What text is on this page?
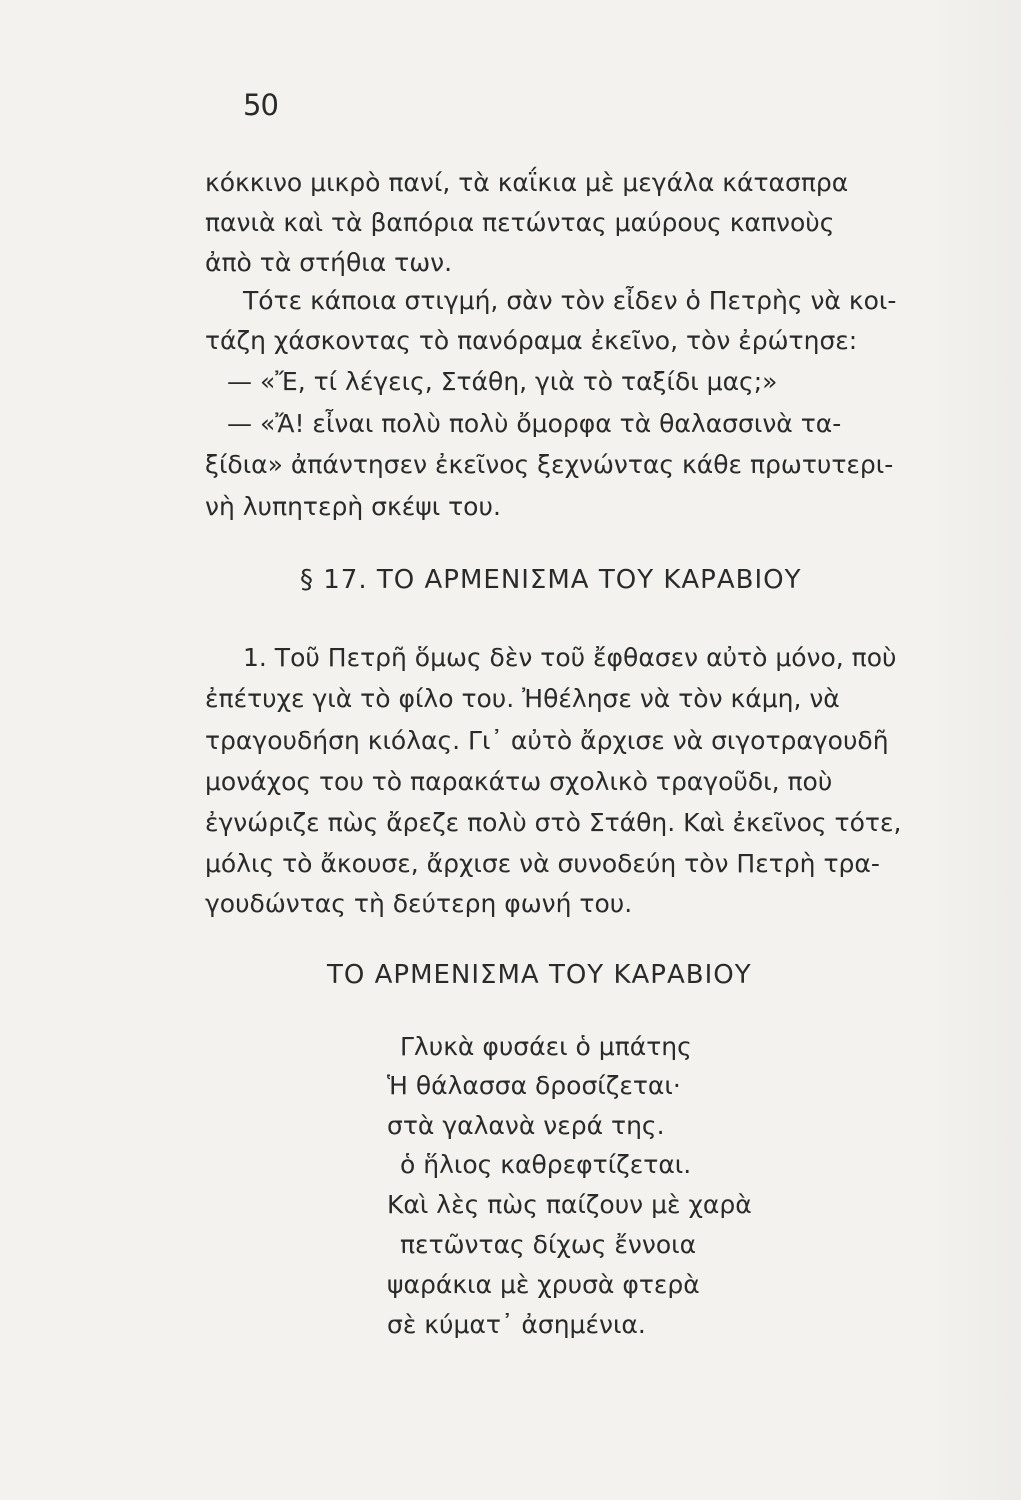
50
κόκκινο μικρὸ πανί, τὰ καΐκια μὲ μεγάλα κάτασπρα
πανιὰ καὶ τὰ βαπόρια πετώντας μαύρους καπνοὺς
ἀπὸ τὰ στήθια των.
Τότε κάποια στιγμή, σὰν τὸν εἶδεν ὁ Πετρὴς νὰ κοι-
τάζη χάσκοντας τὸ πανόραμα ἐκεῖνο, τὸν ἐρώτησε:
— «Ἔ, τί λέγεις, Στάθη, γιὰ τὸ ταξίδι μας;»
— «Ἄ! εἶναι πολὺ πολὺ ὄμορφα τὰ θαλασσινὰ τα-
ξίδια» ἀπάντησεν ἐκεῖνος ξεχνώντας κάθε πρωτυτερι-
νὴ λυπητερὴ σκέψι του.
§ 17. ΤΟ ΑΡΜΕΝΙΣΜΑ ΤΟΥ ΚΑΡΑΒΙΟΥ
1. Τοῦ Πετρῆ ὅμως δὲν τοῦ ἔφθασεν αὐτὸ μόνο, ποὺ
ἐπέτυχε γιὰ τὸ φίλο του. Ἠθέλησε νὰ τὸν κάμη, νὰ
τραγουδήση κιόλας. Γι᾽ αὐτὸ ἄρχισε νὰ σιγοτραγουδῆ
μονάχος του τὸ παρακάτω σχολικὸ τραγοῦδι, ποὺ
ἐγνώριζε πὼς ἄρεζε πολὺ στὸ Στάθη. Καὶ ἐκεῖνος τότε,
μόλις τὸ ἄκουσε, ἄρχισε νὰ συνοδεύη τὸν Πετρὴ τρα-
γουδώντας τὴ δεύτερη φωνή του.
ΤΟ ΑΡΜΕΝΙΣΜΑ ΤΟΥ ΚΑΡΑΒΙΟΥ
Γλυκὰ φυσάει ὁ μπάτης
Ἡ θάλασσα δροσίζεται·
στὰ γαλανὰ νερά της.
ὁ ἥλιος καθρεφτίζεται.
Καὶ λὲς πὼς παίζουν μὲ χαρὰ
πετῶντας δίχως ἔννοια
ψαράκια μὲ χρυσὰ φτερὰ
σὲ κύματ᾽ ἀσημένια.
